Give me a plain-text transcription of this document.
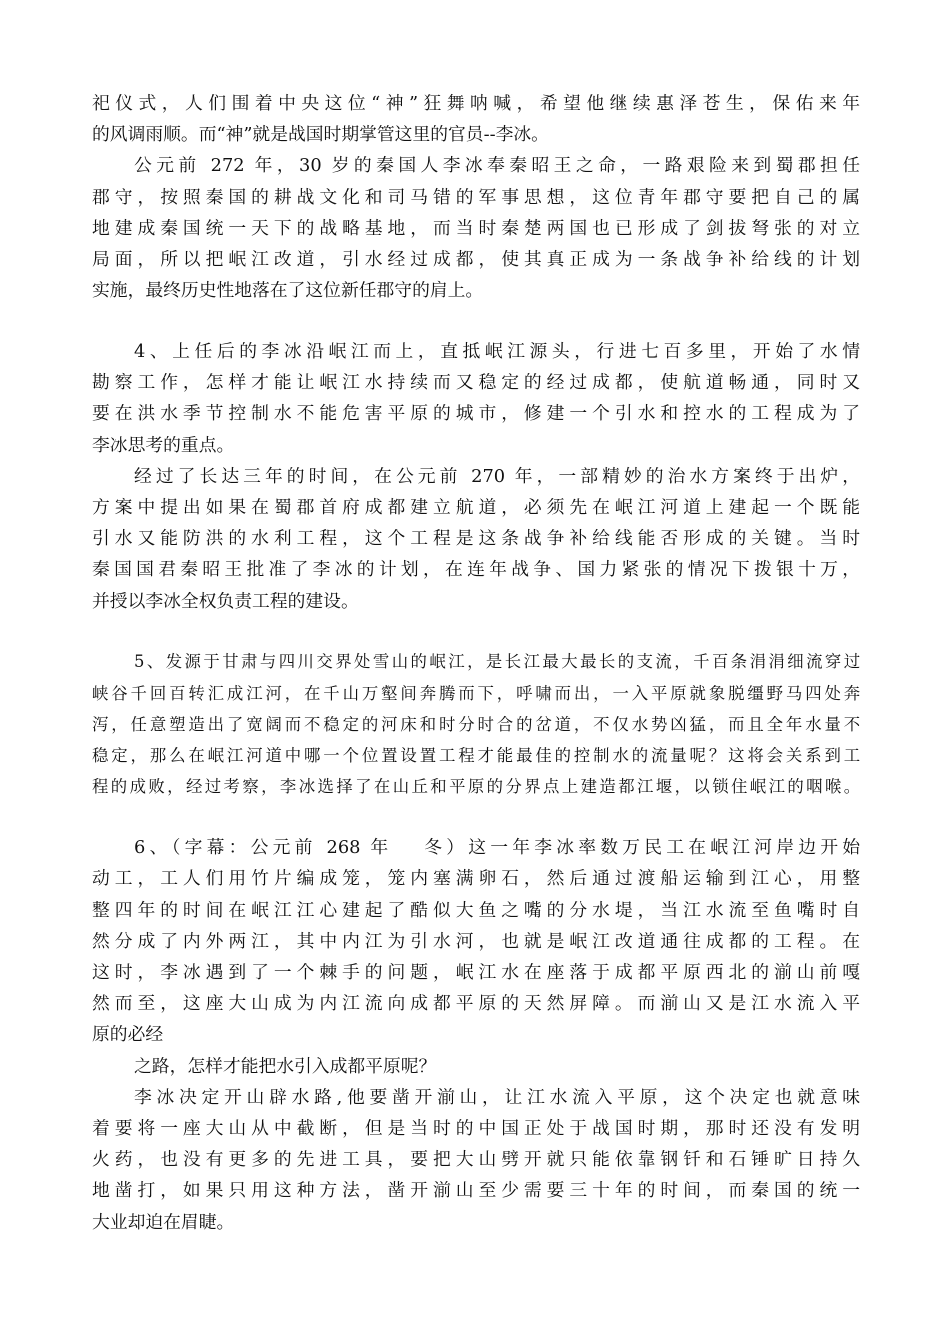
祀仪式，人们围着中央这位“神”狂舞呐喊，希望他继续惠泽苍生，保佑来年
的风调雨顺。而“神”就是战国时期掌管这里的官员--李冰。
公元前 272 年，30 岁的秦国人李冰奉秦昭王之命，一路艰险来到蜀郡担任
郡守，按照秦国的耕战文化和司马错的军事思想，这位青年郡守要把自己的属
地建成秦国统一天下的战略基地，而当时秦楚两国也已形成了剑拔弩张的对立
局面，所以把岷江改道，引水经过成都，使其真正成为一条战争补给线的计划
实施，最终历史性地落在了这位新任郡守的肩上。
4、上任后的李冰沿岷江而上，直抵岷江源头，行进七百多里，开始了水情
勘察工作，怎样才能让岷江水持续而又稳定的经过成都，使航道畅通，同时又
要在洪水季节控制水不能危害平原的城市，修建一个引水和控水的工程成为了
李冰思考的重点。
经过了长达三年的时间，在公元前 270 年，一部精妙的治水方案终于出炉，
方案中提出如果在蜀郡首府成都建立航道，必须先在岷江河道上建起一个既能
引水又能防洪的水利工程，这个工程是这条战争补给线能否形成的关键。当时
秦国国君秦昭王批准了李冰的计划，在连年战争、国力紧张的情况下拨银十万，
并授以李冰全权负责工程的建设。
5、发源于甘肃与四川交界处雪山的岷江，是长江最大最长的支流，千百条涓涓细流穿过
峡谷千回百转汇成江河，在千山万壑间奔腾而下，呼啸而出，一入平原就象脱缰野马四处奔
泻，任意塑造出了宽阔而不稳定的河床和时分时合的岔道，不仅水势凶猛，而且全年水量不
稳定，那么在岷江河道中哪一个位置设置工程才能最佳的控制水的流量呢？这将会关系到工
程的成败，经过考察，李冰选择了在山丘和平原的分界点上建造都江堰，以锁住岷江的咽喉。
6、（字幕：公元前 268 年　 冬）这一年李冰率数万民工在岷江河岸边开始
动工，工人们用竹片编成笼，笼内塞满卵石，然后通过渡船运输到江心，用整
整四年的时间在岷江江心建起了酷似大鱼之嘴的分水堤，当江水流至鱼嘴时自
然分成了内外两江，其中内江为引水河，也就是岷江改道通往成都的工程。在
这时，李冰遇到了一个棘手的问题，岷江水在座落于成都平原西北的湔山前嘎
然而至，这座大山成为内江流向成都平原的天然屏障。而湔山又是江水流入平
原的必经
之路，怎样才能把水引入成都平原呢？
李冰决定开山辟水路,他要凿开湔山，让江水流入平原，这个决定也就意味
着要将一座大山从中截断，但是当时的中国正处于战国时期，那时还没有发明
火药，也没有更多的先进工具，要把大山劈开就只能依靠钢钎和石锤旷日持久
地凿打，如果只用这种方法，凿开湔山至少需要三十年的时间，而秦国的统一
大业却迫在眉睫。
